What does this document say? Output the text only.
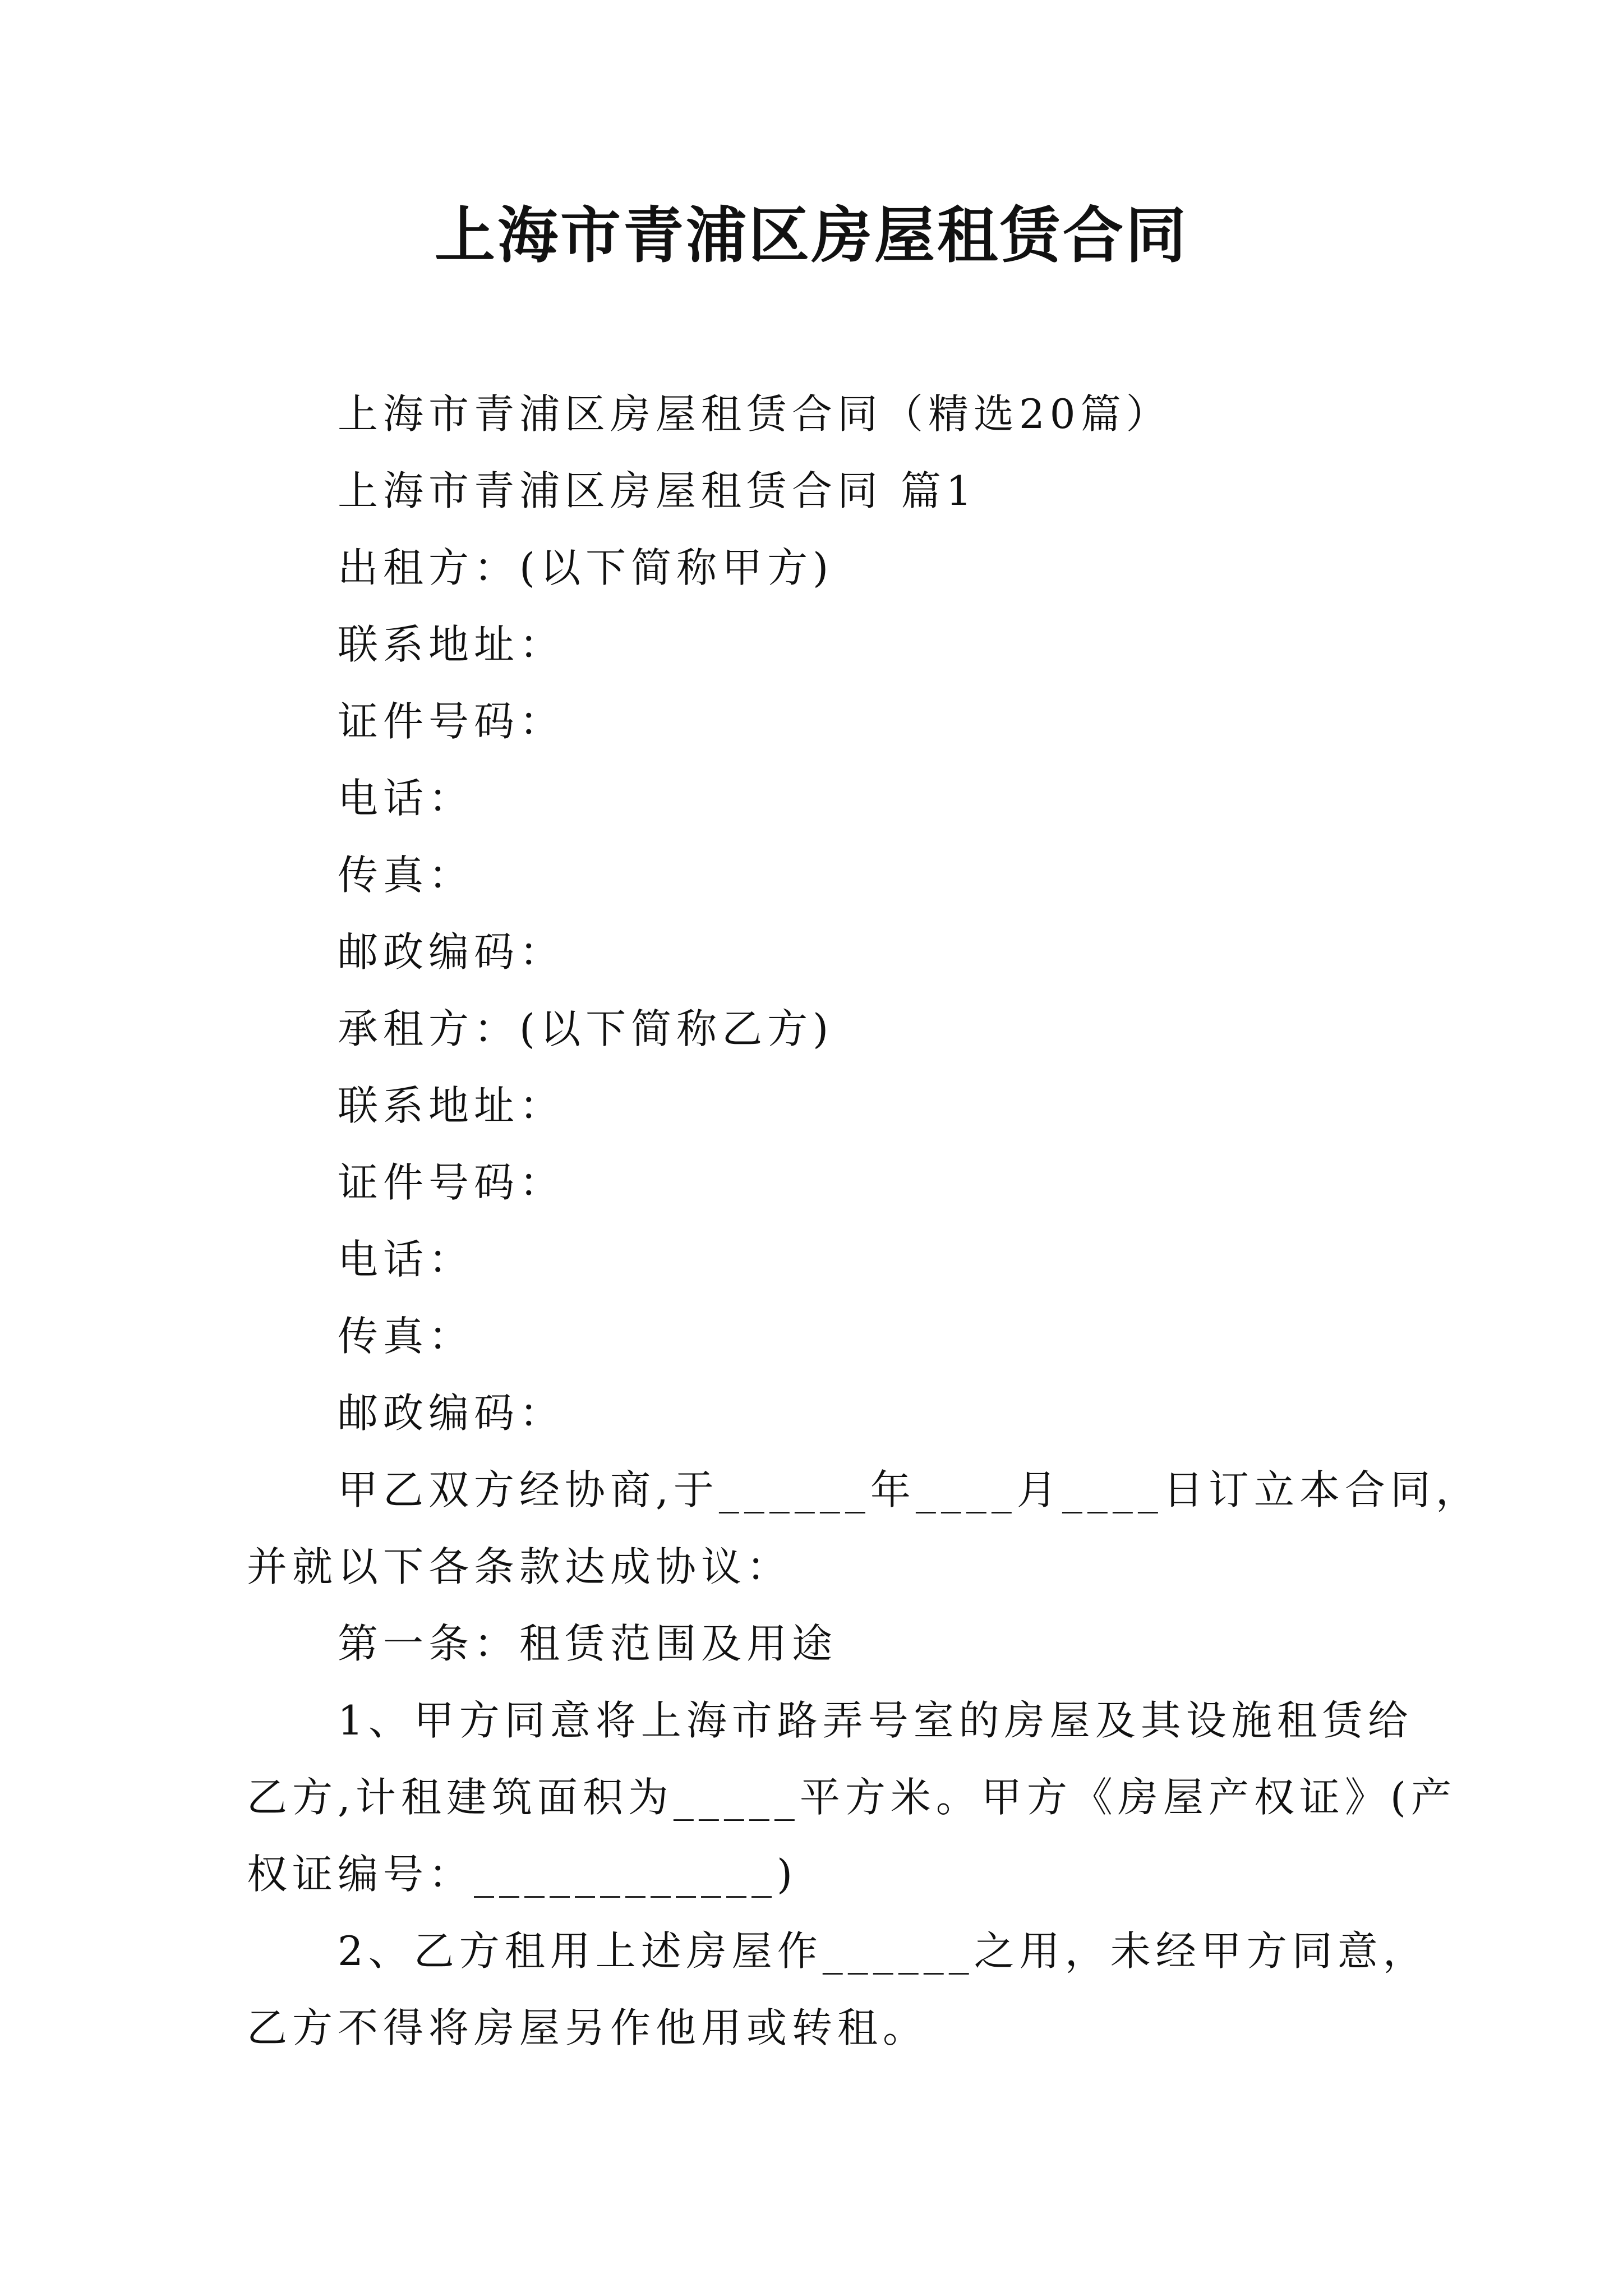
上海市青浦区房屋租赁合同

上海市青浦区房屋租赁合同（精选20篇）

上海市青浦区房屋租赁合同 篇1

出租方：(以下简称甲方)

联系地址：

证件号码：

电话：

传真：

邮政编码：

承租方：(以下简称乙方)

联系地址：

证件号码：

电话：

传真：

邮政编码：

甲乙双方经协商,于______年____月____日订立本合同，

并就以下各条款达成协议：

第一条：租赁范围及用途

1、甲方同意将上海市路弄号室的房屋及其设施租赁给

乙方,计租建筑面积为_____平方米。甲方《房屋产权证》(产

权证编号：____________)

2、乙方租用上述房屋作______之用，未经甲方同意，

乙方不得将房屋另作他用或转租。
